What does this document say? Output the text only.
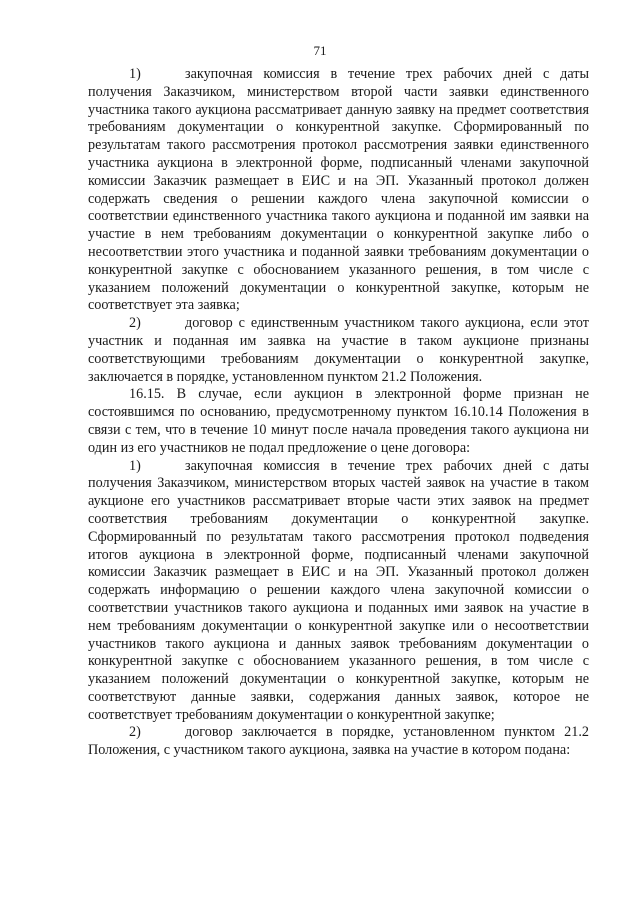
71

1)	закупочная комиссия в течение трех рабочих дней с даты получения Заказчиком, министерством второй части заявки единственного участника такого аукциона рассматривает данную заявку на предмет соответствия требованиям документации о конкурентной закупке. Сформированный по результатам такого рассмотрения протокол рассмотрения заявки единственного участника аукциона в электронной форме, подписанный членами закупочной комиссии Заказчик размещает в ЕИС и на ЭП. Указанный протокол должен содержать сведения о решении каждого члена закупочной комиссии о соответствии единственного участника такого аукциона и поданной им заявки на участие в нем требованиям документации о конкурентной закупке либо о несоответствии этого участника и поданной заявки требованиям документации о конкурентной закупке с обоснованием указанного решения, в том числе с указанием положений документации о конкурентной закупке, которым не соответствует эта заявка;

2)	договор с единственным участником такого аукциона, если этот участник и поданная им заявка на участие в таком аукционе признаны соответствующими требованиям документации о конкурентной закупке, заключается в порядке, установленном пунктом 21.2 Положения.

16.15. В случае, если аукцион в электронной форме признан не состоявшимся по основанию, предусмотренному пунктом 16.10.14 Положения в связи с тем, что в течение 10 минут после начала проведения такого аукциона ни один из его участников не подал предложение о цене договора:

1)	закупочная комиссия в течение трех рабочих дней с даты получения Заказчиком, министерством вторых частей заявок на участие в таком аукционе его участников рассматривает вторые части этих заявок на предмет соответствия требованиям документации о конкурентной закупке. Сформированный по результатам такого рассмотрения протокол подведения итогов аукциона в электронной форме, подписанный членами закупочной комиссии Заказчик размещает в ЕИС и на ЭП. Указанный протокол должен содержать информацию о решении каждого члена закупочной комиссии о соответствии участников такого аукциона и поданных ими заявок на участие в нем требованиям документации о конкурентной закупке или о несоответствии участников такого аукциона и данных заявок требованиям документации о конкурентной закупке с обоснованием указанного решения, в том числе с указанием положений документации о конкурентной закупке, которым не соответствуют данные заявки, содержания данных заявок, которое не соответствует требованиям документации о конкурентной закупке;

2)	договор заключается в порядке, установленном пунктом 21.2 Положения, с участником такого аукциона, заявка на участие в котором подана:
